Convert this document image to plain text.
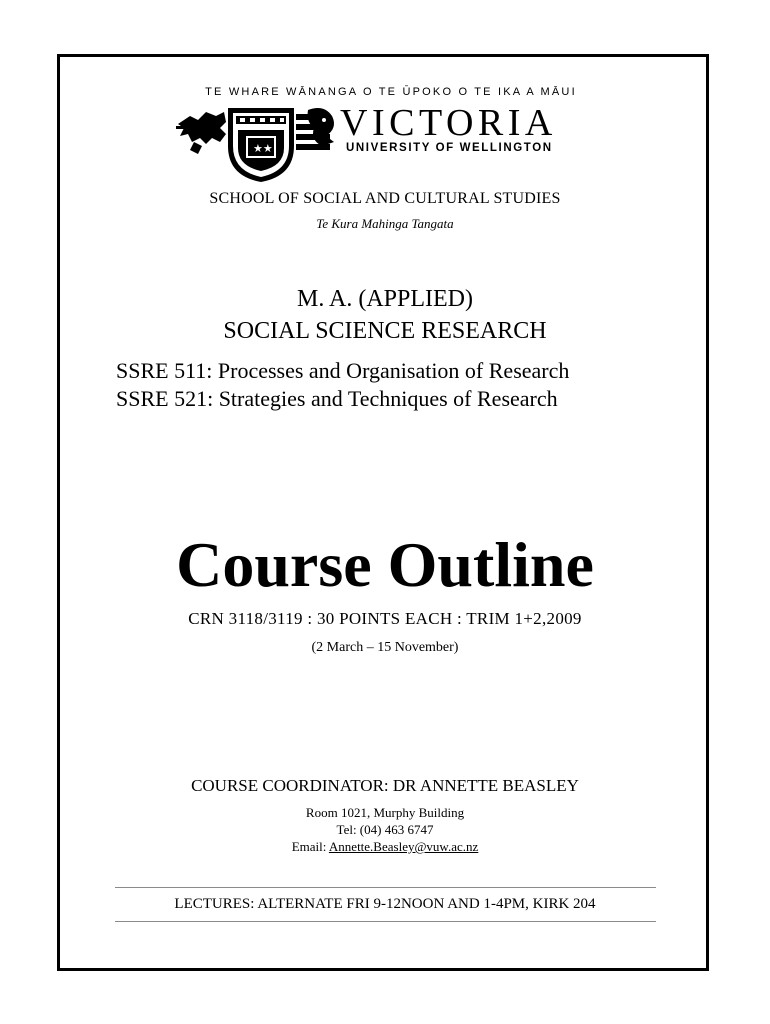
TE WHARE WĀNANGA O TE ŪPOKO O TE IKA A MĀUI
★★
VICTORIA
UNIVERSITY OF WELLINGTON
SCHOOL OF SOCIAL AND CULTURAL STUDIES
Te Kura Mahinga Tangata
M. A. (APPLIED)
SOCIAL SCIENCE RESEARCH
SSRE 511: Processes and Organisation of Research
SSRE 521: Strategies and Techniques of Research
Course Outline
CRN 3118/3119 : 30 POINTS EACH : TRIM 1+2,2009
(2 March – 15 November)
COURSE COORDINATOR: DR ANNETTE BEASLEY
Room 1021, Murphy Building
Tel: (04) 463 6747
Email: Annette.Beasley@vuw.ac.nz
LECTURES: ALTERNATE FRI 9-12NOON AND 1-4PM, KIRK 204
